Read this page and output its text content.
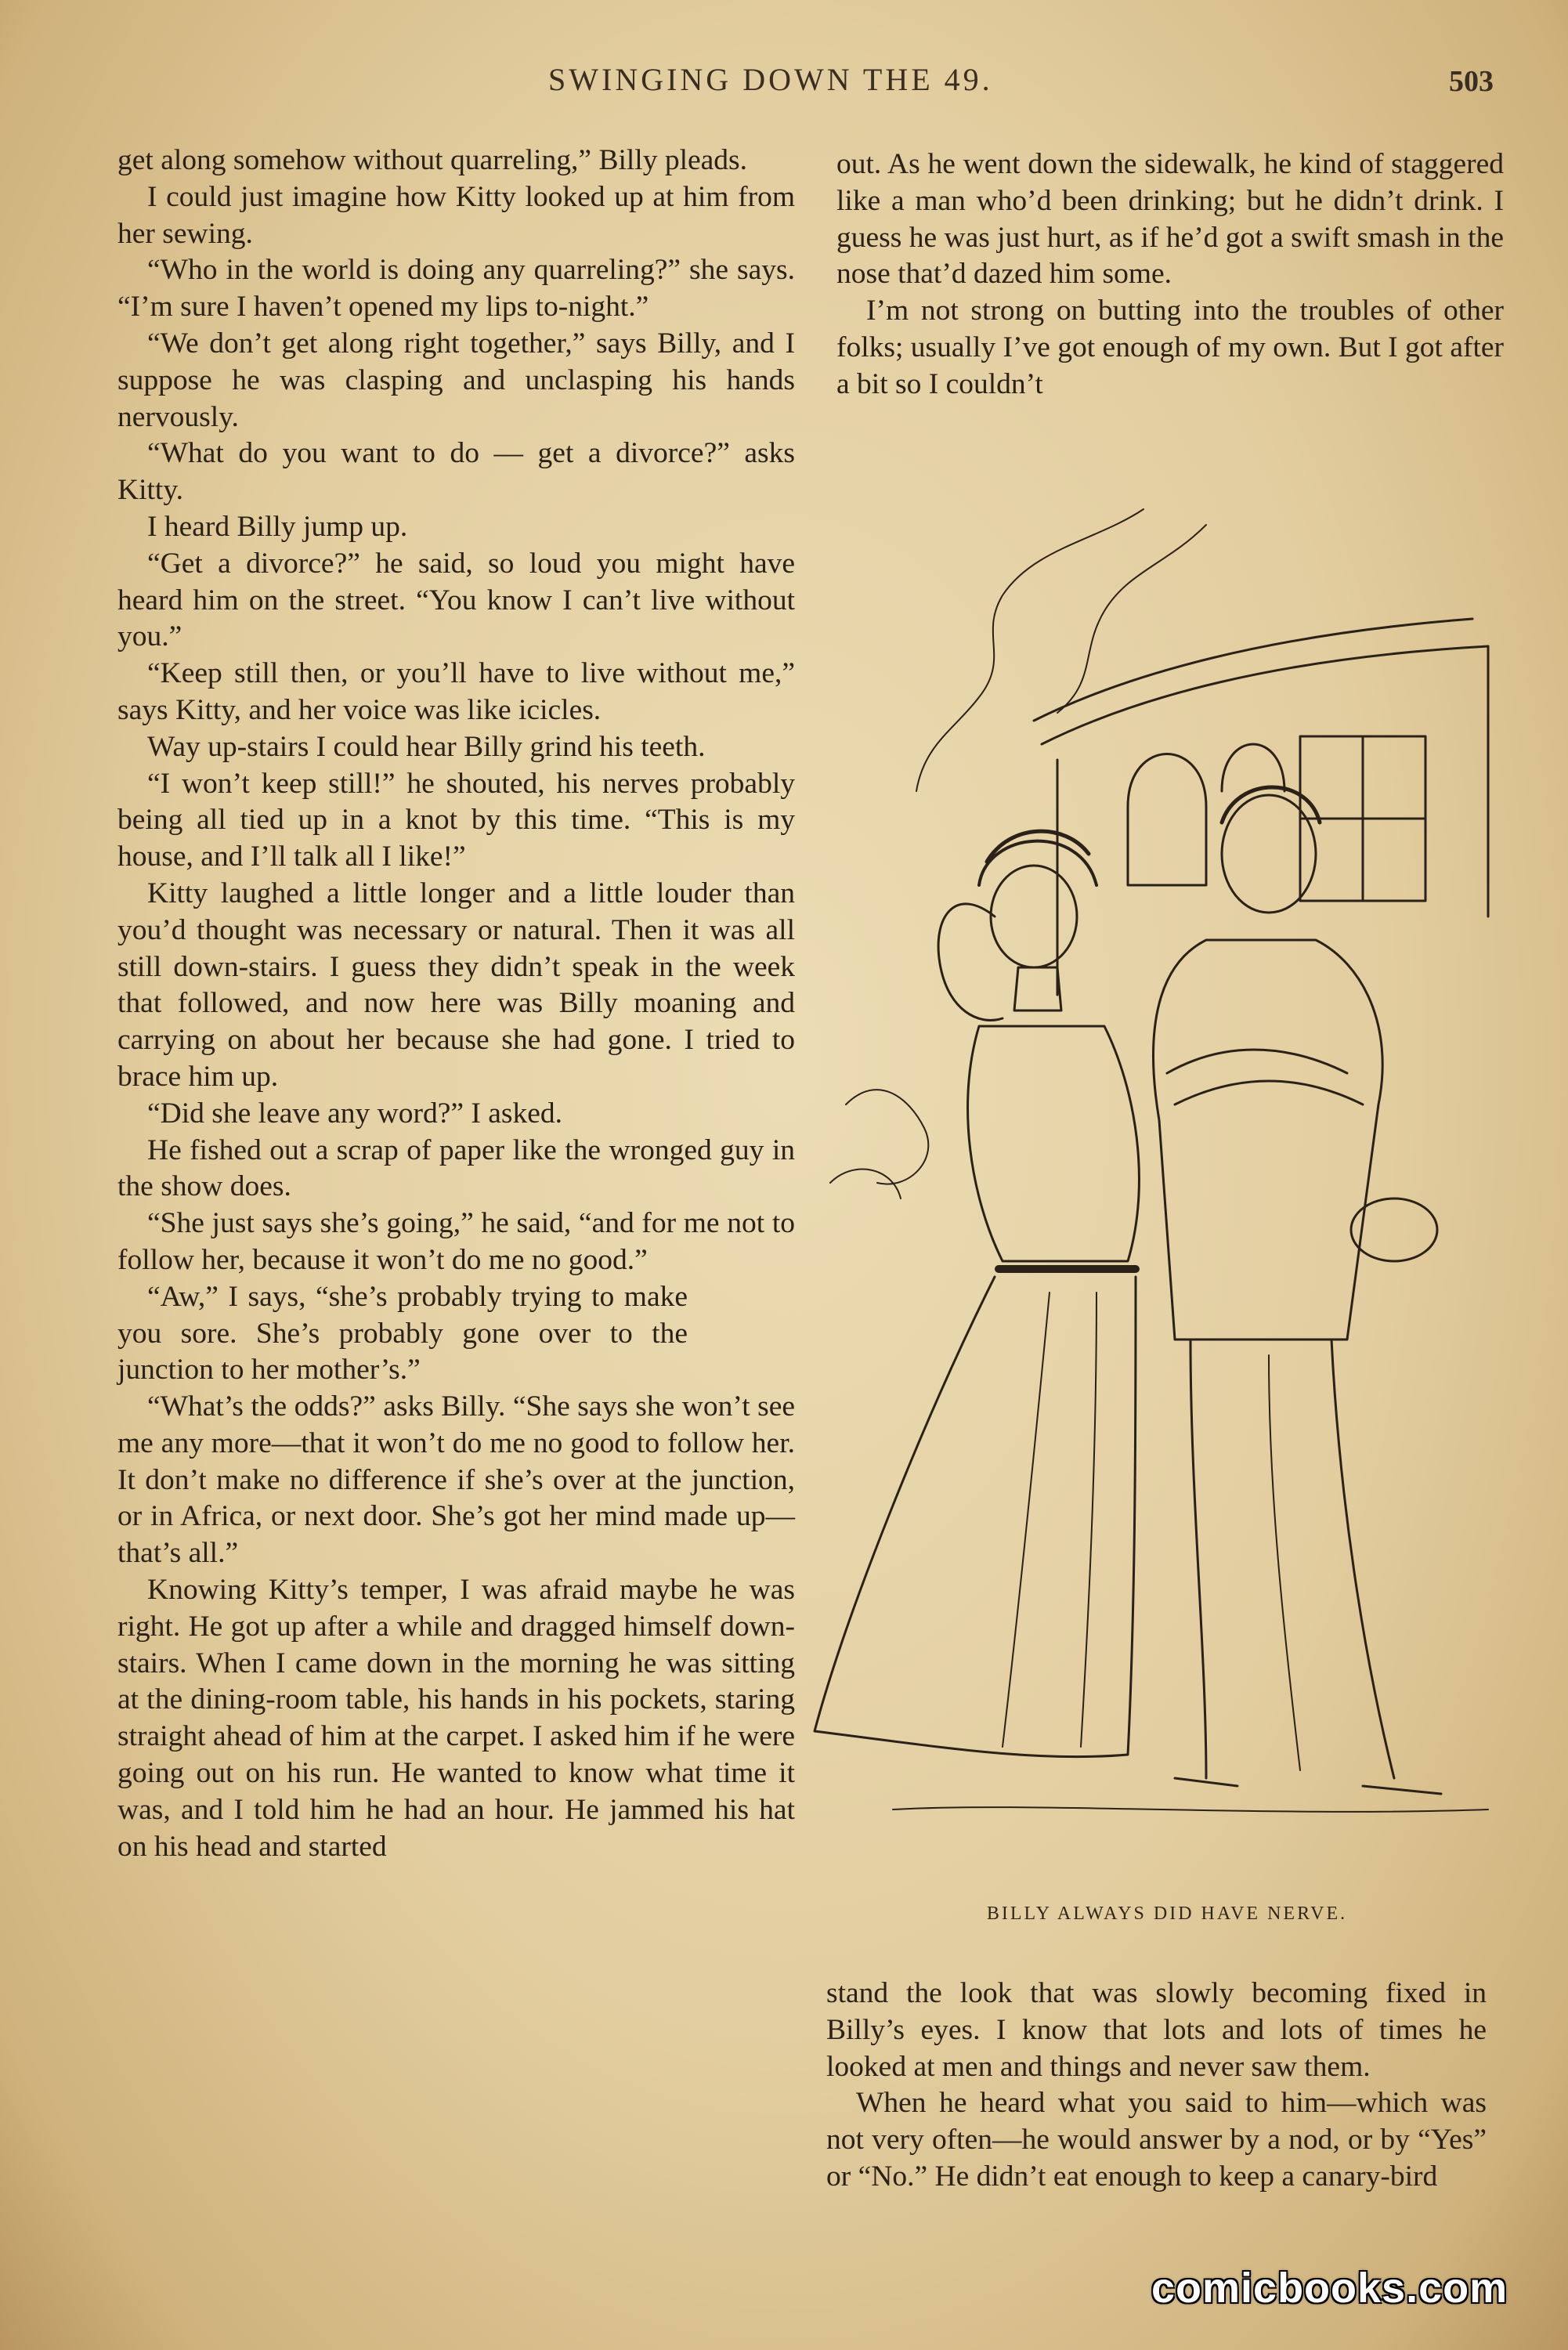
SWINGING DOWN THE 49.	503

get along somehow without quarreling,” Billy pleads.

I could just imagine how Kitty looked up at him from her sewing.

“Who in the world is doing any quarreling?” she says. “I’m sure I haven’t opened my lips to-night.”

“We don’t get along right together,” says Billy, and I suppose he was clasping and unclasping his hands nervously.

“What do you want to do — get a divorce?” asks Kitty.

I heard Billy jump up.

“Get a divorce?” he said, so loud you might have heard him on the street. “You know I can’t live without you.”

“Keep still then, or you’ll have to live without me,” says Kitty, and her voice was like icicles.

Way up-stairs I could hear Billy grind his teeth.

“I won’t keep still!” he shouted, his nerves probably being all tied up in a knot by this time. “This is my house, and I’ll talk all I like!”

Kitty laughed a little longer and a little louder than you’d thought was necessary or natural. Then it was all still down-stairs. I guess they didn’t speak in the week that followed, and now here was Billy moaning and carrying on about her because she had gone. I tried to brace him up.

“Did she leave any word?” I asked.

He fished out a scrap of paper like the wronged guy in the show does.

“She just says she’s going,” he said, “and for me not to follow her, because it won’t do me no good.”

“Aw,” I says, “she’s probably trying to make you sore. She’s probably gone over to the junction to her mother’s.”

“What’s the odds?” asks Billy. “She says she won’t see me any more—that it won’t do me no good to follow her. It don’t make no difference if she’s over at the junction, or in Africa, or next door. She’s got her mind made up—that’s all.”

Knowing Kitty’s temper, I was afraid maybe he was right. He got up after a while and dragged himself down-stairs. When I came down in the morning he was sitting at the dining-room table, his hands in his pockets, staring straight ahead of him at the carpet. I asked him if he were going out on his run. He wanted to know what time it was, and I told him he had an hour. He jammed his hat on his head and started

out. As he went down the sidewalk, he kind of staggered like a man who’d been drinking; but he didn’t drink. I guess he was just hurt, as if he’d got a swift smash in the nose that’d dazed him some.

I’m not strong on butting into the troubles of other folks; usually I’ve got enough of my own. But I got after a bit so I couldn’t

BILLY ALWAYS DID HAVE NERVE.

stand the look that was slowly becoming fixed in Billy’s eyes. I know that lots and lots of times he looked at men and things and never saw them.

When he heard what you said to him—which was not very often—he would answer by a nod, or by “Yes” or “No.” He didn’t eat enough to keep a canary-bird

comicbooks.com
